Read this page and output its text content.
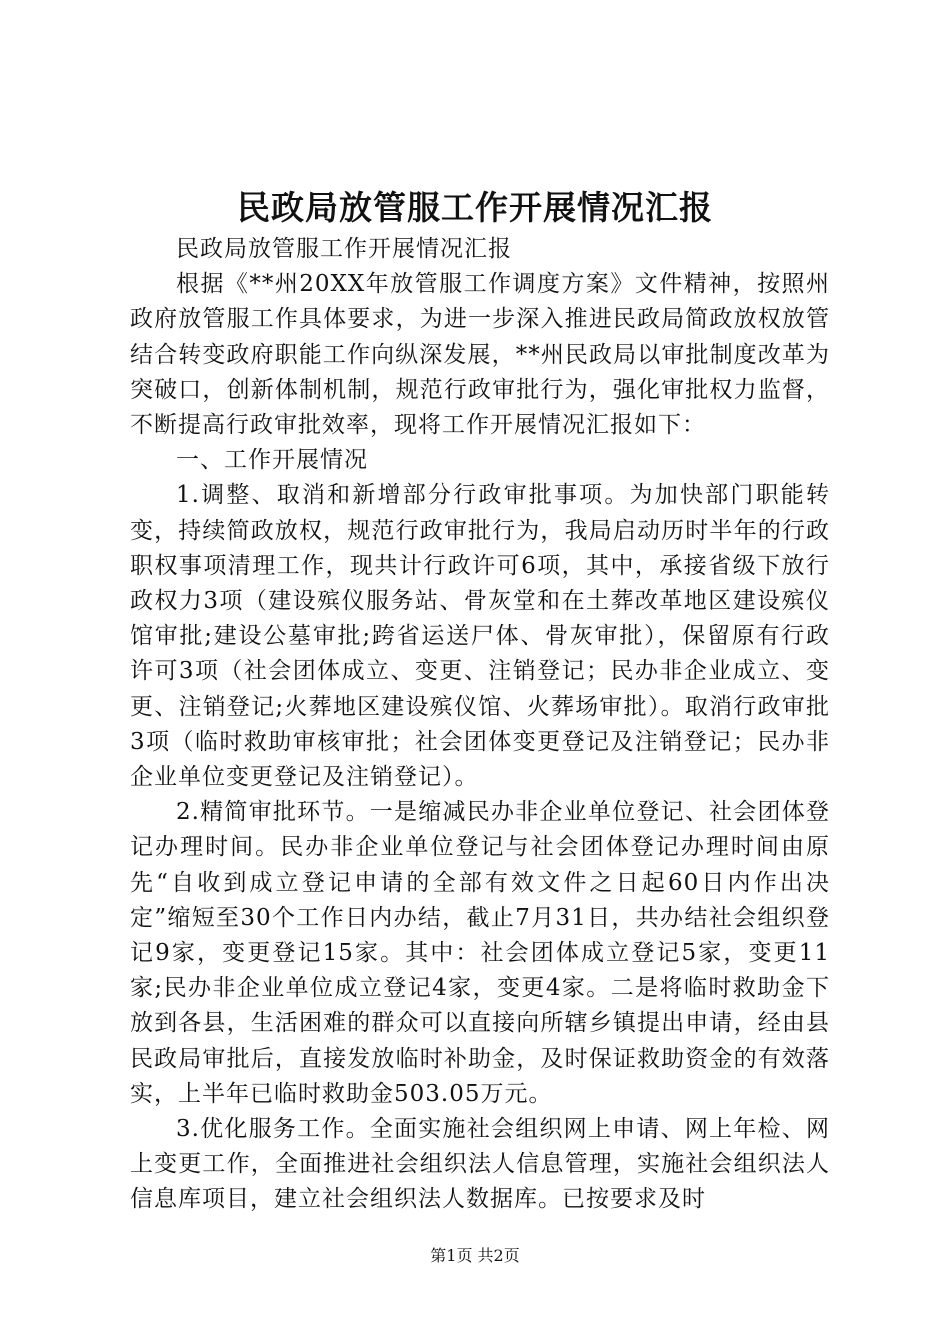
民政局放管服工作开展情况汇报

民政局放管服工作开展情况汇报

根据《**州20XX年放管服工作调度方案》文件精神，按照州政府放管服工作具体要求，为进一步深入推进民政局简政放权放管结合转变政府职能工作向纵深发展，**州民政局以审批制度改革为突破口，创新体制机制，规范行政审批行为，强化审批权力监督，不断提高行政审批效率，现将工作开展情况汇报如下：

一、工作开展情况

1.调整、取消和新增部分行政审批事项。为加快部门职能转变，持续简政放权，规范行政审批行为，我局启动历时半年的行政职权事项清理工作，现共计行政许可6项，其中，承接省级下放行政权力3项（建设殡仪服务站、骨灰堂和在土葬改革地区建设殡仪馆审批;建设公墓审批;跨省运送尸体、骨灰审批），保留原有行政许可3项（社会团体成立、变更、注销登记；民办非企业成立、变更、注销登记;火葬地区建设殡仪馆、火葬场审批）。取消行政审批3项（临时救助审核审批；社会团体变更登记及注销登记；民办非企业单位变更登记及注销登记）。

2.精简审批环节。一是缩减民办非企业单位登记、社会团体登记办理时间。民办非企业单位登记与社会团体登记办理时间由原先“自收到成立登记申请的全部有效文件之日起60日内作出决定”缩短至30个工作日内办结，截止7月31日，共办结社会组织登记9家，变更登记15家。其中：社会团体成立登记5家，变更11家;民办非企业单位成立登记4家，变更4家。二是将临时救助金下放到各县，生活困难的群众可以直接向所辖乡镇提出申请，经由县民政局审批后，直接发放临时补助金，及时保证救助资金的有效落实，上半年已临时救助金503.05万元。

3.优化服务工作。全面实施社会组织网上申请、网上年检、网上变更工作，全面推进社会组织法人信息管理，实施社会组织法人信息库项目，建立社会组织法人数据库。已按要求及时

第1页 共2页
